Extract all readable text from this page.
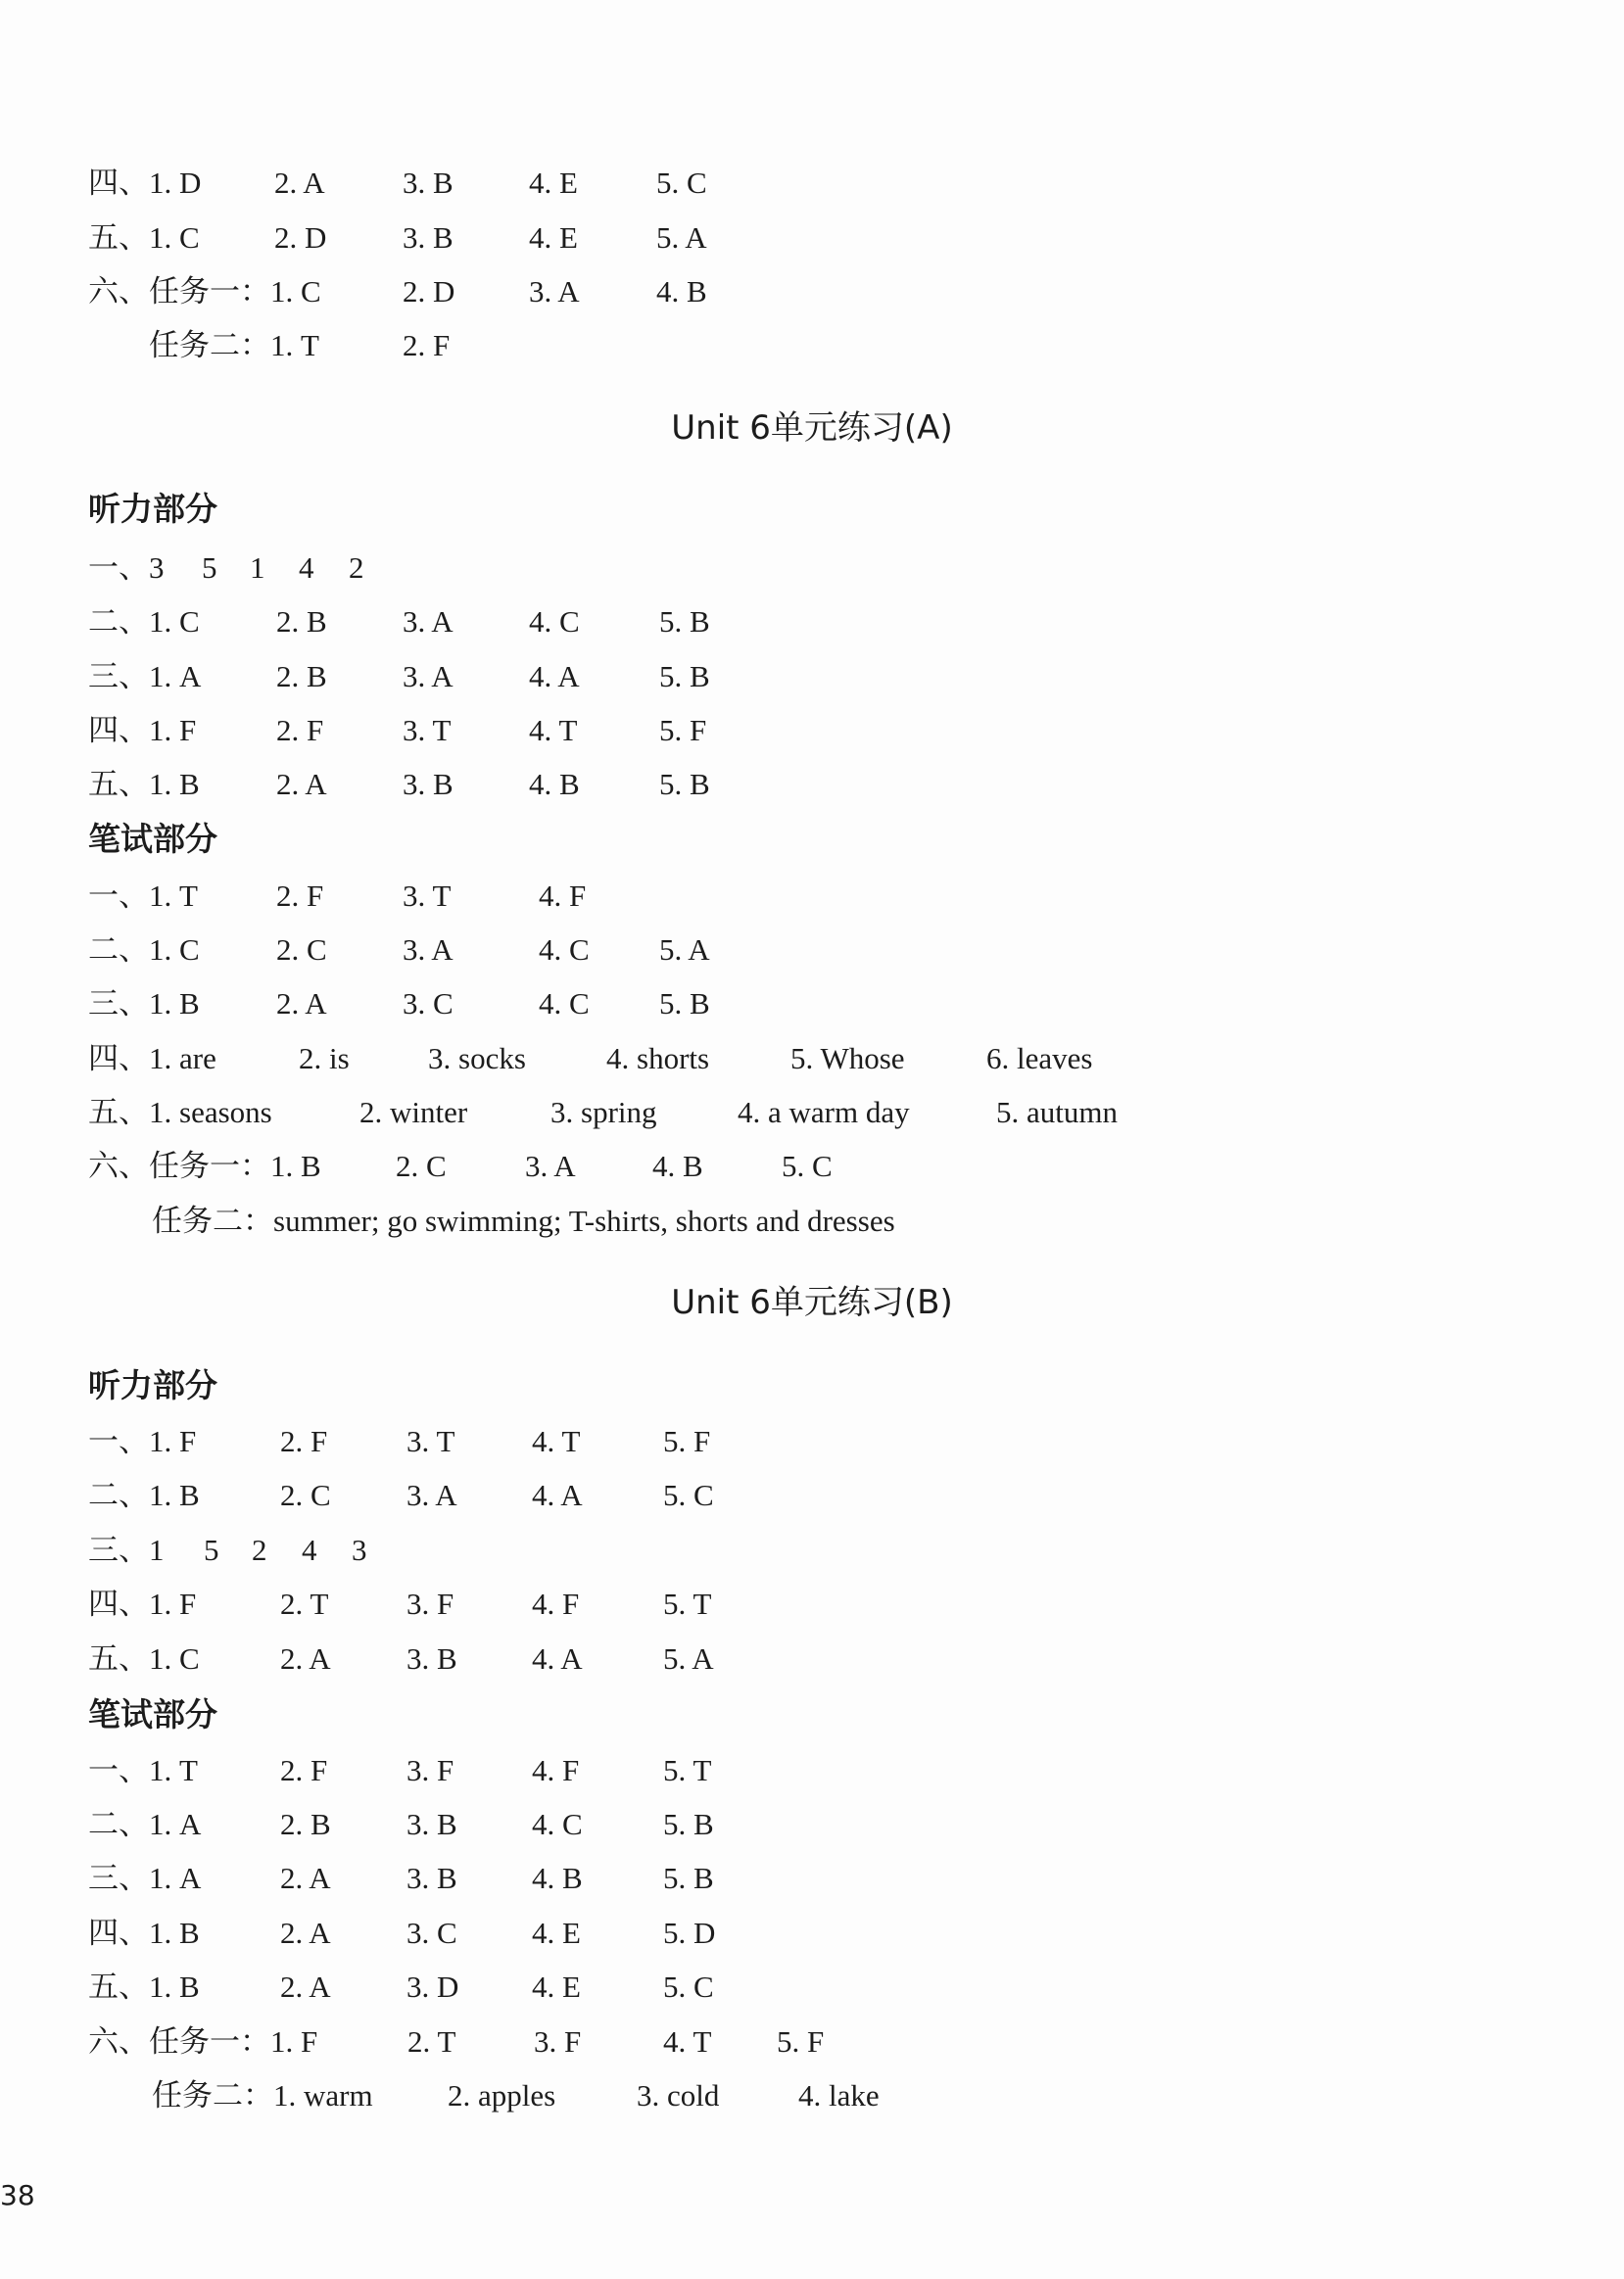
四、1. D 2. A	3. B 4. E	5. C
五、1. C 2. D	3. B 4. E	5. A
六、任务一：1. C	2. D 3. A	4. B
任务二：1. T	2. F
Unit 6单元练习(A)
听力部分
一、3 5 1 4 2
二、1. C	2. B 3. A 4. C	5. B
三、1. A 2. B 3. A 4. A	5. B
四、1. F	2. F	3. T	4. T	5. F
五、1. B	2. A 3. B 4. B	5. B
笔试部分
一、1. T	2. F	3. T	4. F
二、1. C	2. C 3. A	4. C 5. A
三、1. B	2. A 3. C	4. C 5. B
四、1. are	2. is	3. socks	4. shorts	5. Whose	6. leaves
五、1. seasons	2. winter	3. spring	4. a warm day	5. autumn
六、任务一：1. B 2. C	3. A	4. B	5. C
任务二：summer; go swimming; T-shirts, shorts and dresses
Unit 6单元练习(B)
听力部分
一、1. F	2. F	3. T	4. T	5. F
二、1. B	2. C 3. A 4. A	5. C
三、1 5 2 4 3
四、1. F	2. T	3. F	4. F	5. T
五、1. C	2. A 3. B 4. A	5. A
笔试部分
一、1. T	2. F	3. F	4. F	5. T
二、1. A	2. B 3. B 4. C	5. B
三、1. A	2. A 3. B 4. B	5. B
四、1. B	2. A 3. C 4. E	5. D
五、1. B	2. A 3. D 4. E	5. C
六、任务一：1. F	2. T	3. F	4. T 5. F
任务二：1. warm 2. apples	3. cold	4. lake
38
